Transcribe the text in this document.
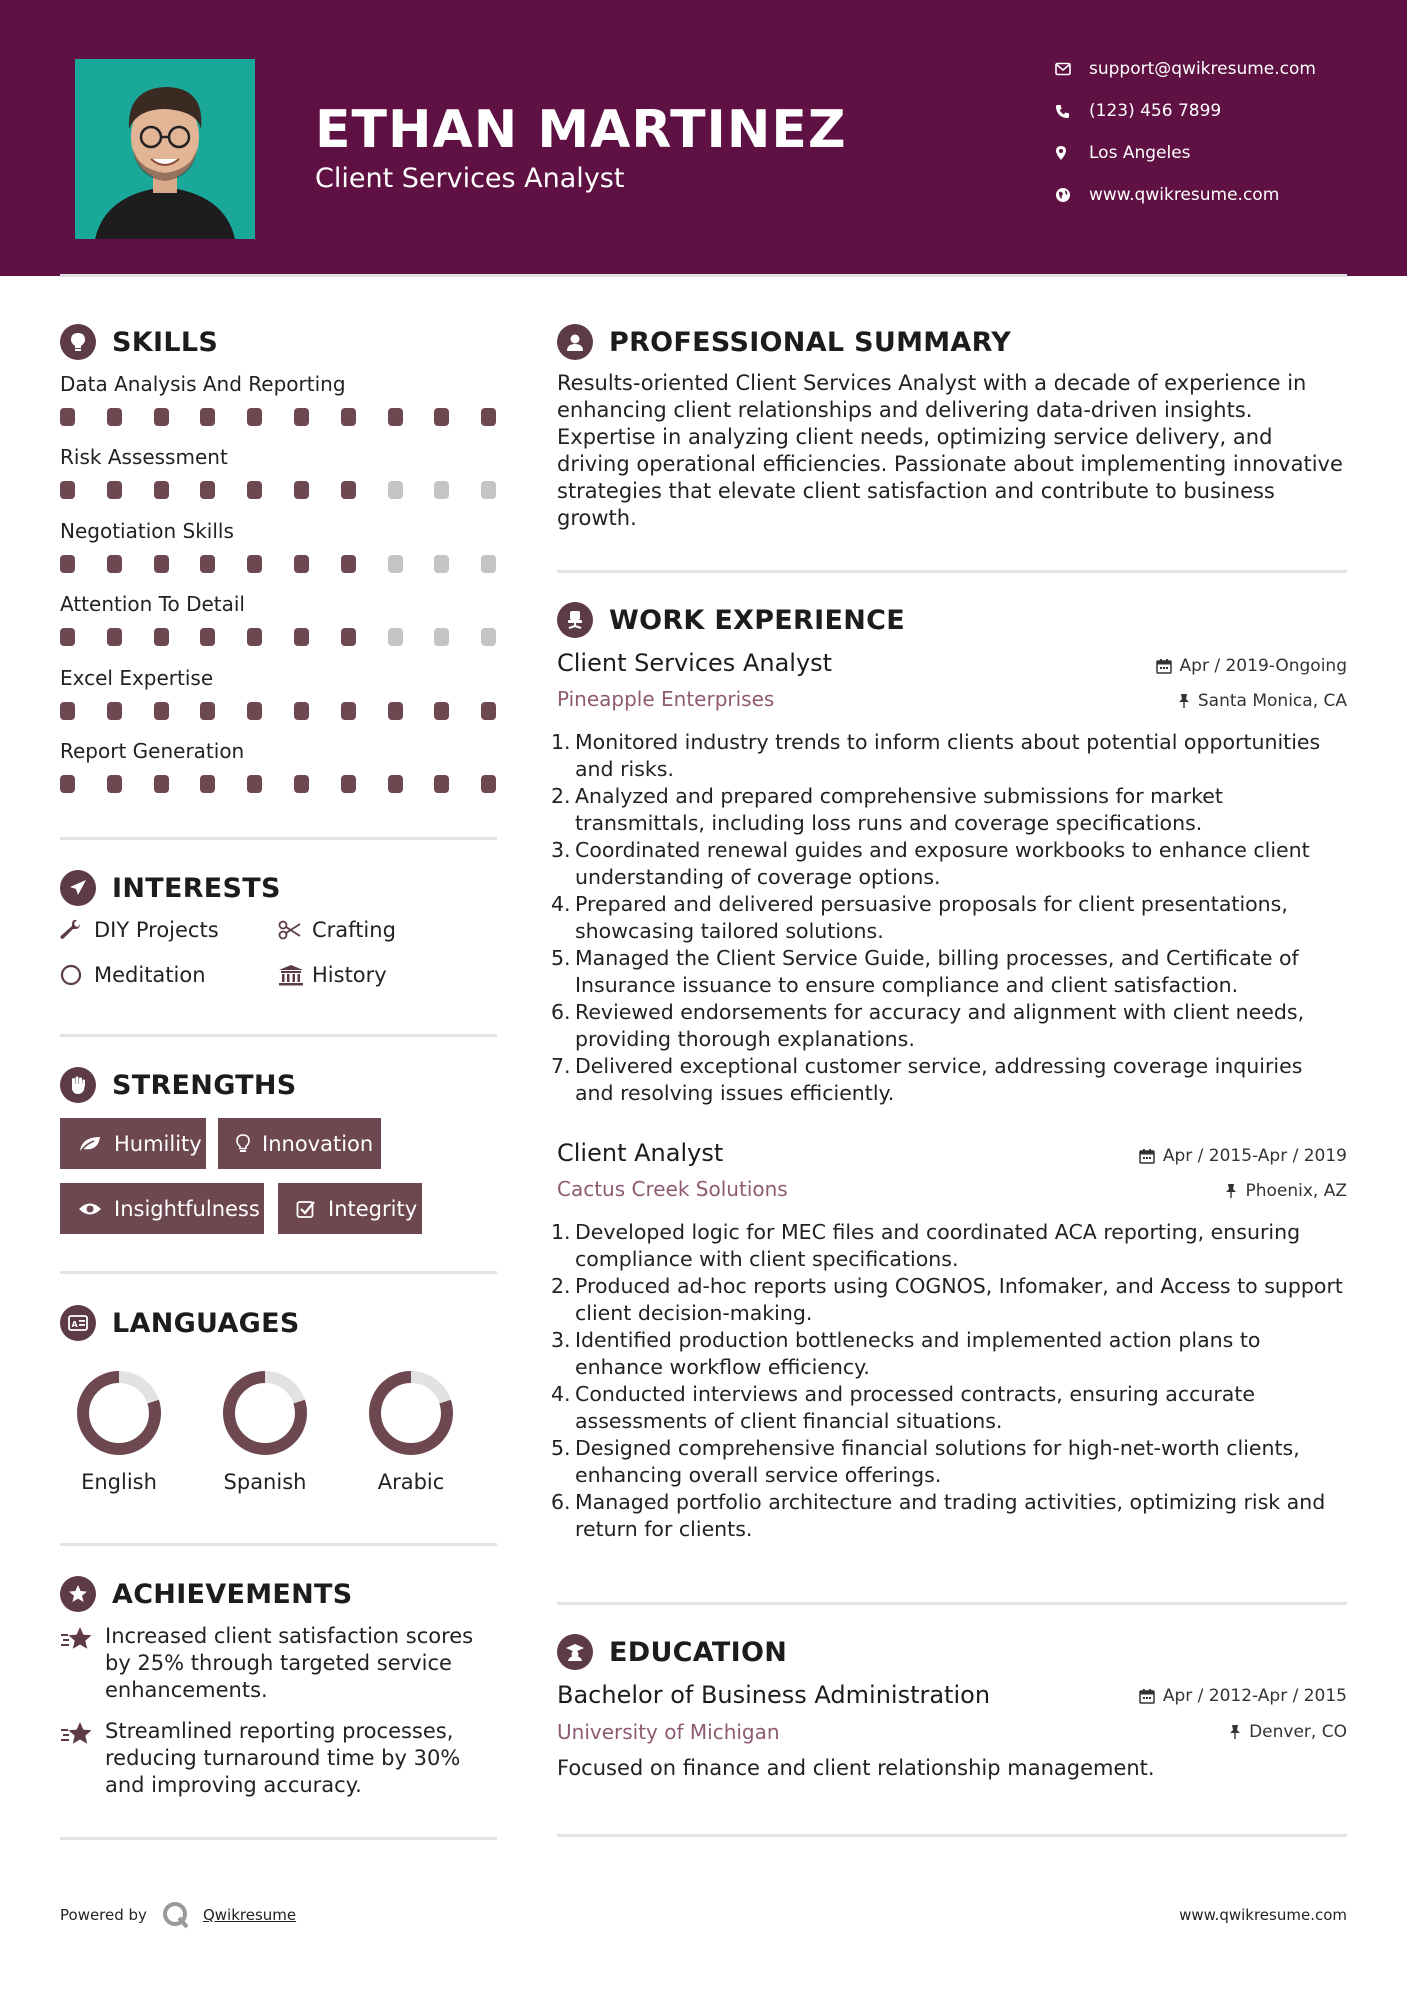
ETHAN MARTINEZ
Client Services Analyst
support@qwikresume.com
(123) 456 7899
Los Angeles
www.qwikresume.com
SKILLS
Data Analysis And Reporting
Risk Assessment
Negotiation Skills
Attention To Detail
Excel Expertise
Report Generation
INTERESTS
DIY Projects	Crafting
Meditation	History
STRENGTHS
Humility	Innovation
Insightfulness	Integrity
A LANGUAGES
English	Spanish	Arabic
ACHIEVEMENTS
Increased client satisfaction scores by 25% through targeted service enhancements.
Streamlined reporting processes, reducing turnaround time by 30% and improving accuracy.
PROFESSIONAL SUMMARY
Results-oriented Client Services Analyst with a decade of experience in enhancing client relationships and delivering data-driven insights. Expertise in analyzing client needs, optimizing service delivery, and driving operational efficiencies. Passionate about implementing innovative strategies that elevate client satisfaction and contribute to business growth.
WORK EXPERIENCE
Client Services Analyst	Apr / 2019-Ongoing
Pineapple Enterprises	Santa Monica, CA
1. Monitored industry trends to inform clients about potential opportunities and risks.
2. Analyzed and prepared comprehensive submissions for market transmittals, including loss runs and coverage specifications.
3. Coordinated renewal guides and exposure workbooks to enhance client understanding of coverage options.
4. Prepared and delivered persuasive proposals for client presentations, showcasing tailored solutions.
5. Managed the Client Service Guide, billing processes, and Certificate of Insurance issuance to ensure compliance and client satisfaction.
6. Reviewed endorsements for accuracy and alignment with client needs, providing thorough explanations.
7. Delivered exceptional customer service, addressing coverage inquiries and resolving issues efficiently.
Client Analyst	Apr / 2015-Apr / 2019
Cactus Creek Solutions	Phoenix, AZ
1. Developed logic for MEC files and coordinated ACA reporting, ensuring compliance with client specifications.
2. Produced ad-hoc reports using COGNOS, Infomaker, and Access to support client decision-making.
3. Identified production bottlenecks and implemented action plans to enhance workflow efficiency.
4. Conducted interviews and processed contracts, ensuring accurate assessments of client financial situations.
5. Designed comprehensive financial solutions for high-net-worth clients, enhancing overall service offerings.
6. Managed portfolio architecture and trading activities, optimizing risk and return for clients.
EDUCATION
Bachelor of Business Administration	Apr / 2012-Apr / 2015
University of Michigan	Denver, CO
Focused on finance and client relationship management.
Powered by	Qwikresume	www.qwikresume.com
